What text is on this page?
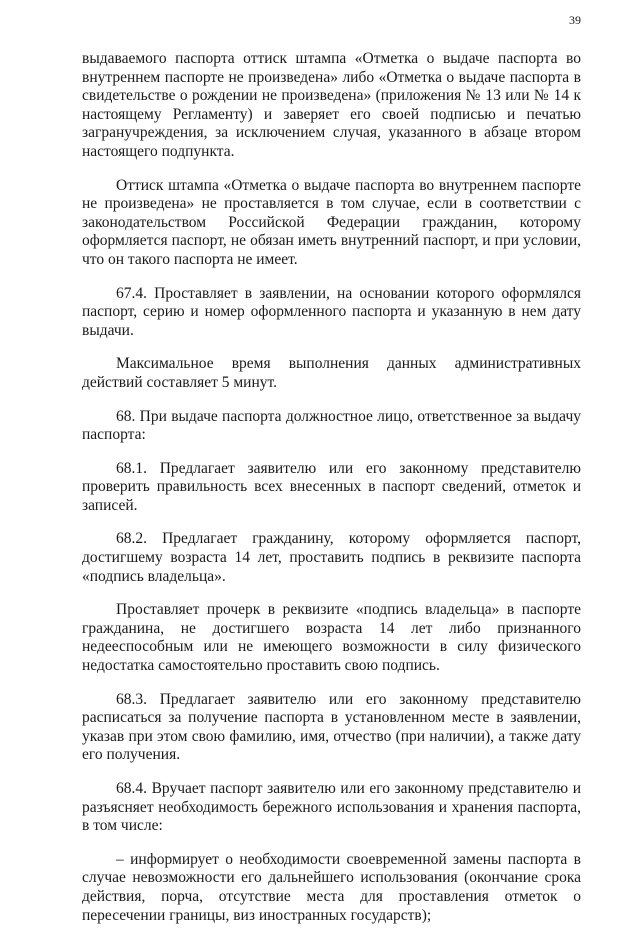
39

выдаваемого паспорта оттиск штампа «Отметка о выдаче паспорта во внутреннем паспорте не произведена» либо «Отметка о выдаче паспорта в свидетельстве о рождении не произведена» (приложения № 13 или № 14 к настоящему Регламенту) и заверяет его своей подписью и печатью загранучреждения, за исключением случая, указанного в абзаце втором настоящего подпункта.

Оттиск штампа «Отметка о выдаче паспорта во внутреннем паспорте не произведена» не проставляется в том случае, если в соответствии с законодательством Российской Федерации гражданин, которому оформляется паспорт, не обязан иметь внутренний паспорт, и при условии, что он такого паспорта не имеет.

67.4. Проставляет в заявлении, на основании которого оформлялся паспорт, серию и номер оформленного паспорта и указанную в нем дату выдачи.

Максимальное время выполнения данных административных действий составляет 5 минут.

68. При выдаче паспорта должностное лицо, ответственное за выдачу паспорта:

68.1. Предлагает заявителю или его законному представителю проверить правильность всех внесенных в паспорт сведений, отметок и записей.

68.2. Предлагает гражданину, которому оформляется паспорт, достигшему возраста 14 лет, проставить подпись в реквизите паспорта «подпись владельца».

Проставляет прочерк в реквизите «подпись владельца» в паспорте гражданина, не достигшего возраста 14 лет либо признанного недееспособным или не имеющего возможности в силу физического недостатка самостоятельно проставить свою подпись.

68.3. Предлагает заявителю или его законному представителю расписаться за получение паспорта в установленном месте в заявлении, указав при этом свою фамилию, имя, отчество (при наличии), а также дату его получения.

68.4. Вручает паспорт заявителю или его законному представителю и разъясняет необходимость бережного использования и хранения паспорта, в том числе:

– информирует о необходимости своевременной замены паспорта в случае невозможности его дальнейшего использования (окончание срока действия, порча, отсутствие места для проставления отметок о пересечении границы, виз иностранных государств);
